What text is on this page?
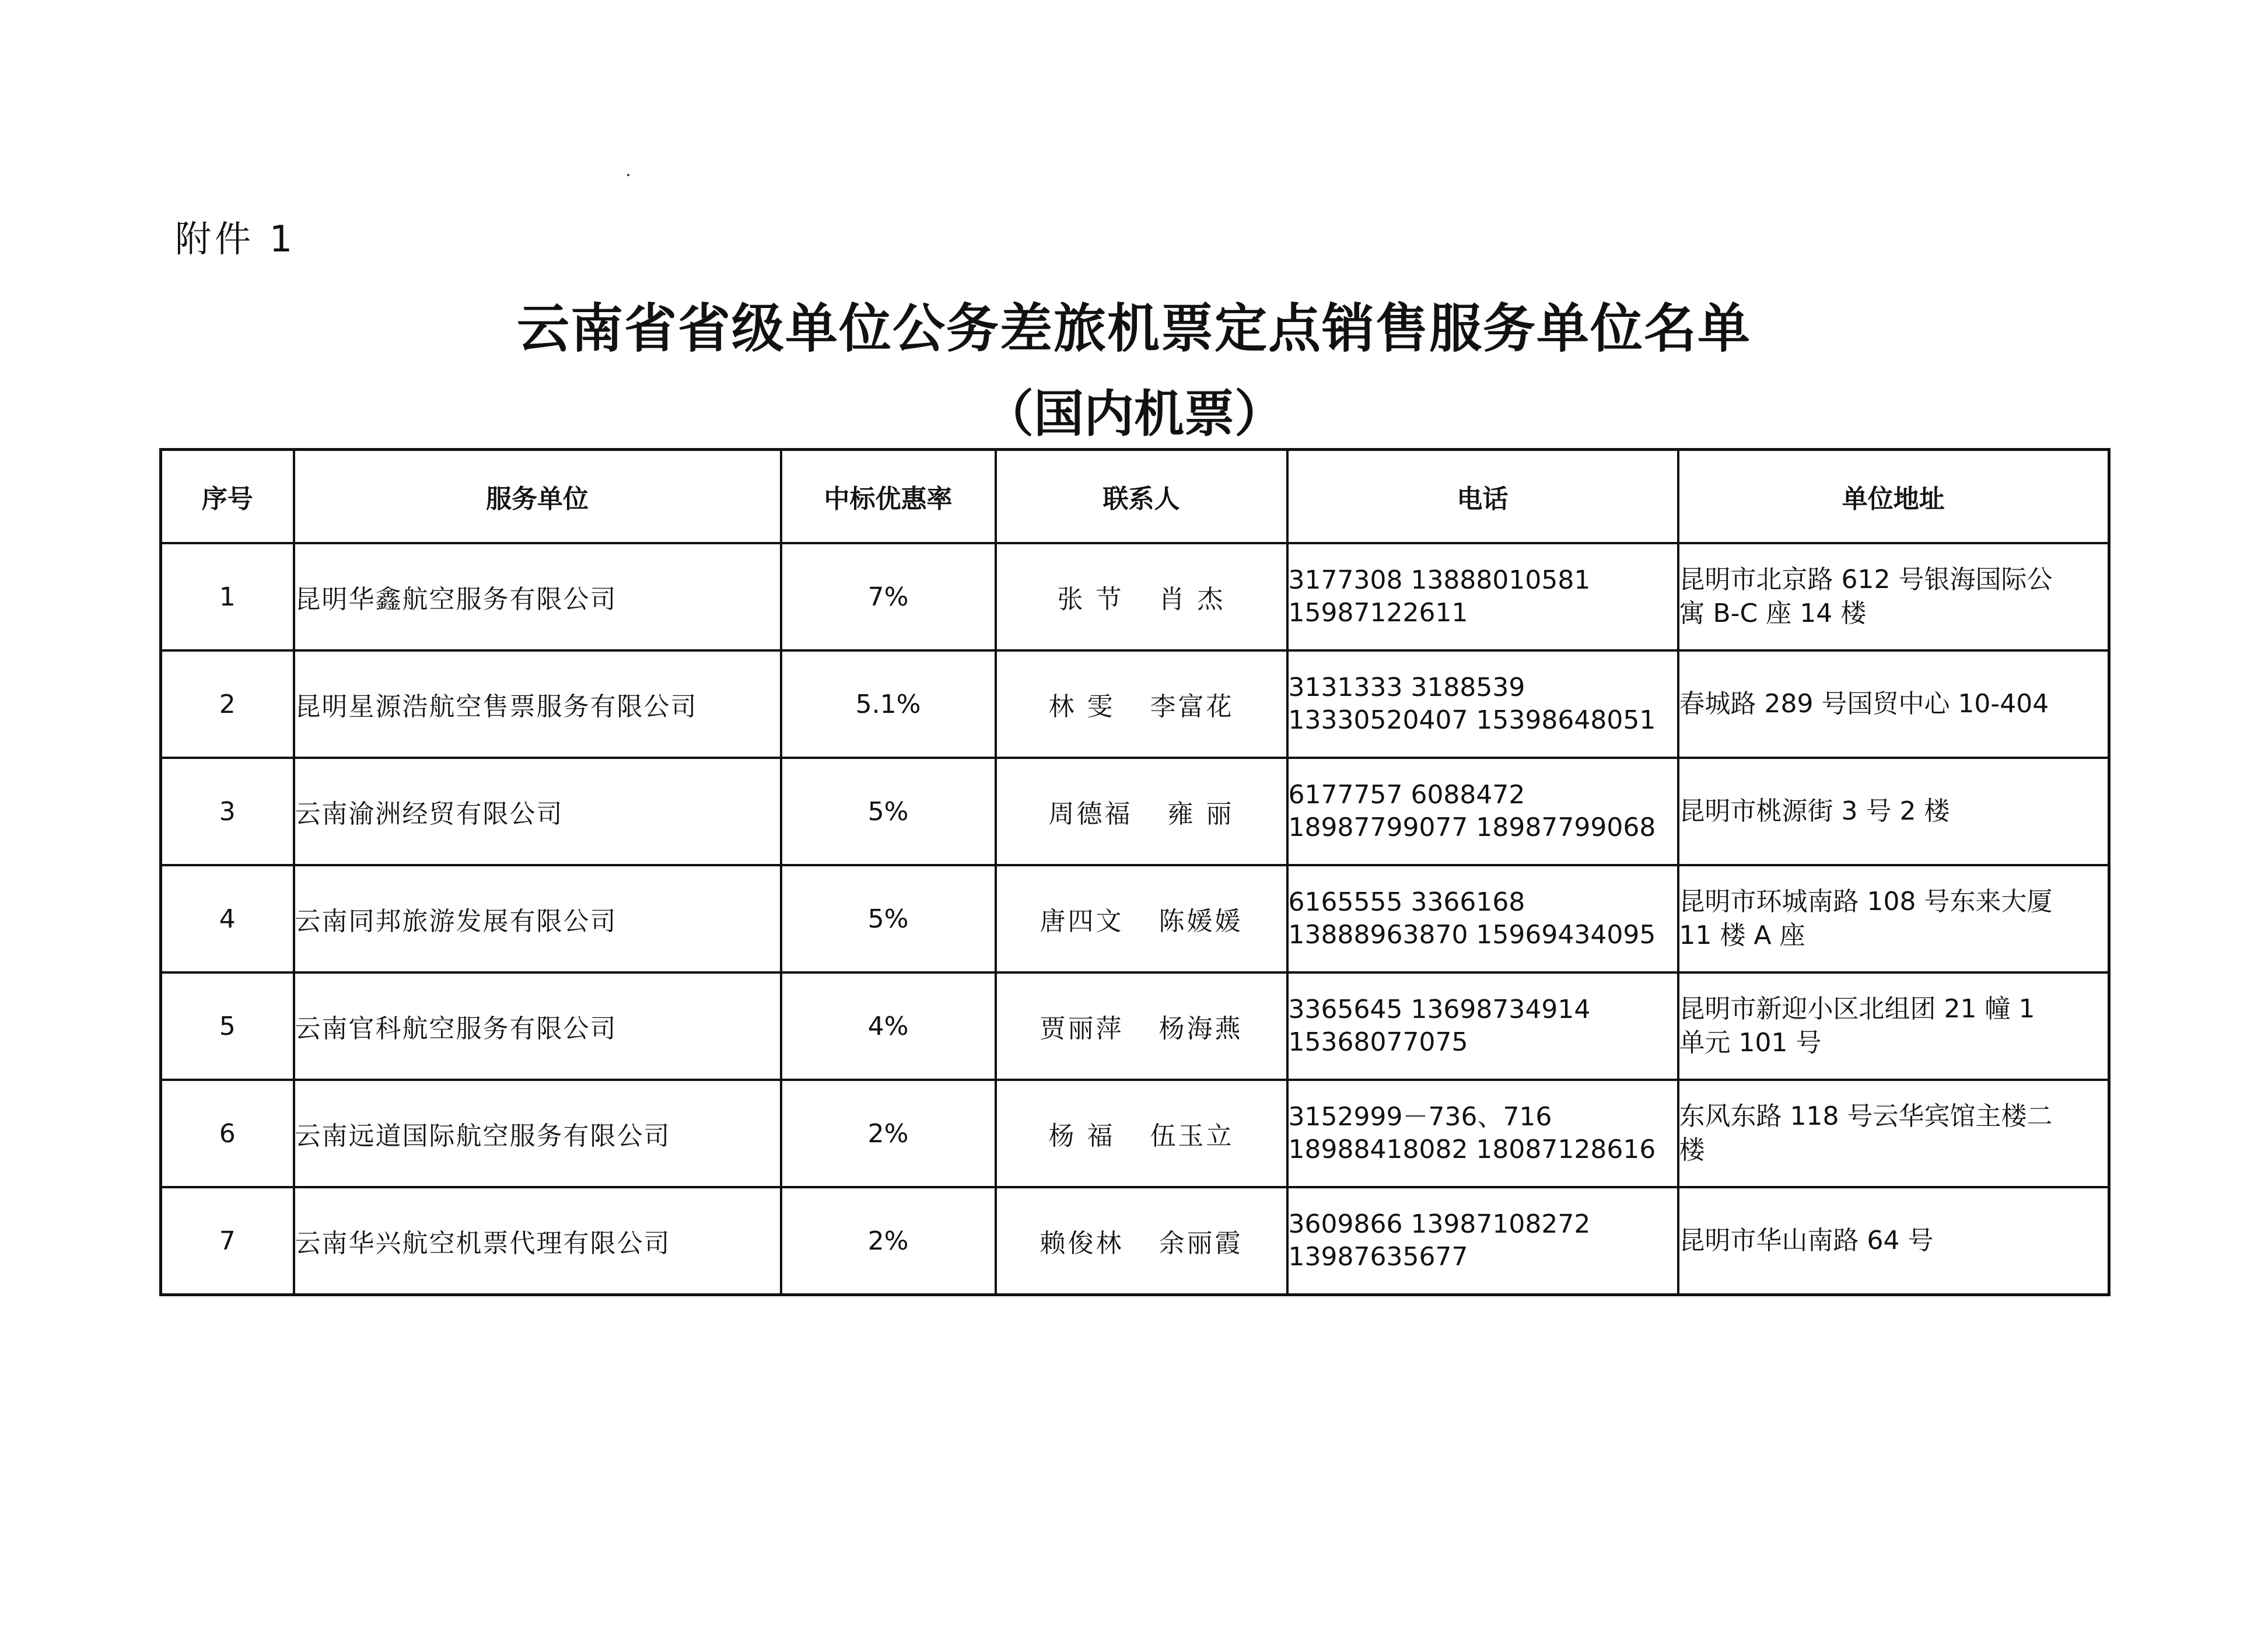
附件 1
云南省省级单位公务差旅机票定点销售服务单位名单
（国内机票）
序号	服务单位	中标优惠率	联系人	电话	单位地址
1	昆明华鑫航空服务有限公司	7%	张 节 肖 杰	3177308 13888010581
15987122611	昆明市北京路 612 号银海国际公
寓 B-C 座 14 楼

2	昆明星源浩航空售票服务有限公司	5.1%	林 雯 李富花	3131333 3188539
13330520407 15398648051	春城路 289 号国贸中心 10-404

3	云南渝洲经贸有限公司	5%	周德福 雍 丽	6177757 6088472
18987799077 18987799068	昆明市桃源街 3 号 2 楼

4	云南同邦旅游发展有限公司	5%	唐四文 陈媛媛	6165555 3366168
13888963870 15969434095	昆明市环城南路 108 号东来大厦
11 楼 A 座

5	云南官科航空服务有限公司	4%	贾丽萍 杨海燕	3365645 13698734914
15368077075	昆明市新迎小区北组团 21 幢 1
单元 101 号

6	云南远道国际航空服务有限公司	2%	杨 福 伍玉立	3152999－736、716
18988418082 18087128616	东风东路 118 号云华宾馆主楼二
楼

7	云南华兴航空机票代理有限公司	2%	赖俊林 余丽霞	3609866 13987108272
13987635677	昆明市华山南路 64 号
